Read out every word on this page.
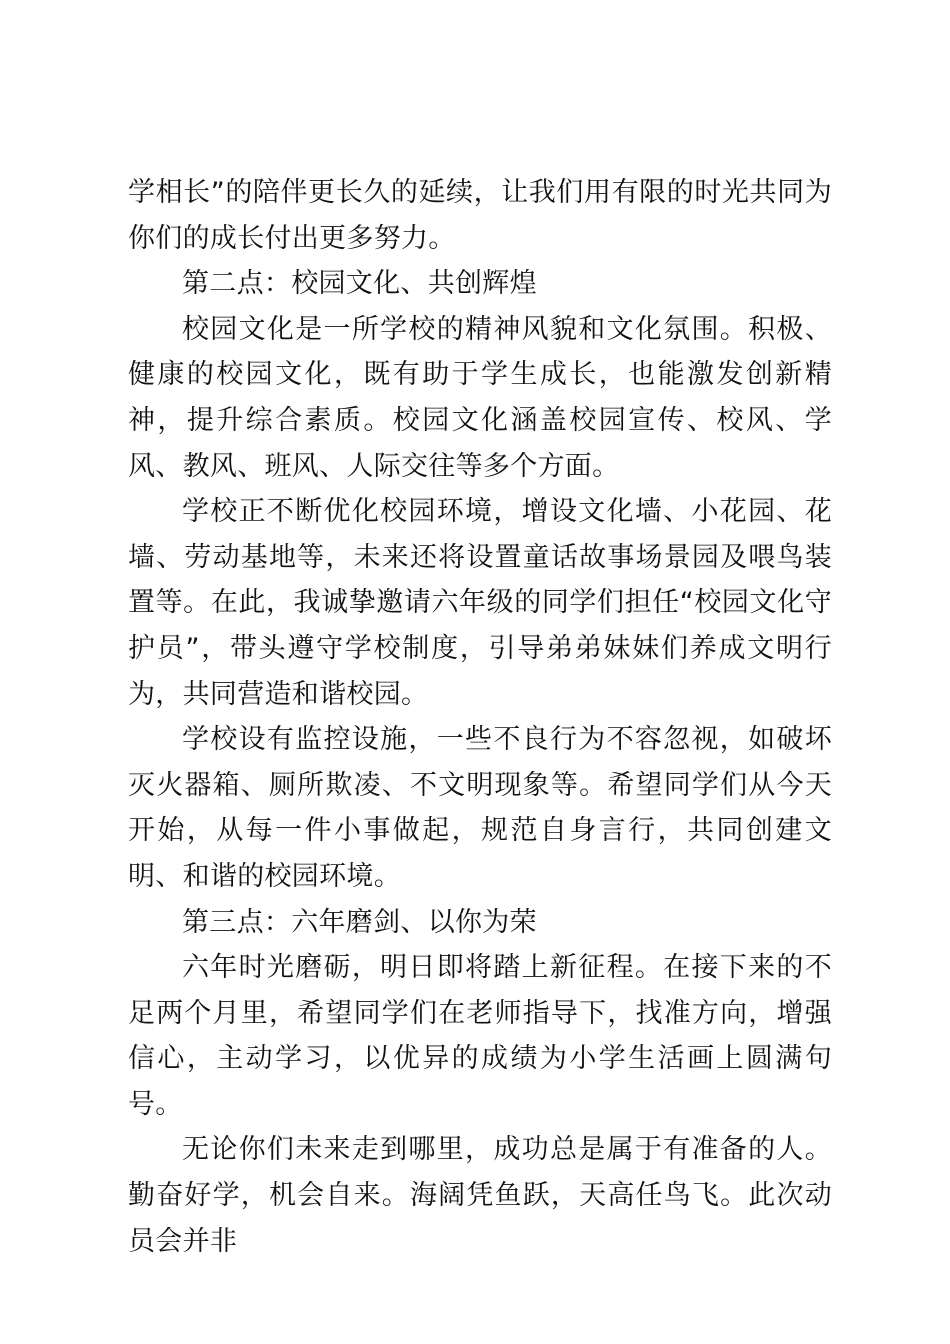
学相长”的陪伴更长久的延续，让我们用有限的时光共同为你们的成长付出更多努力。

第二点：校园文化、共创辉煌

校园文化是一所学校的精神风貌和文化氛围。积极、健康的校园文化，既有助于学生成长，也能激发创新精神，提升综合素质。校园文化涵盖校园宣传、校风、学风、教风、班风、人际交往等多个方面。

学校正不断优化校园环境，增设文化墙、小花园、花墙、劳动基地等，未来还将设置童话故事场景园及喂鸟装置等。在此，我诚挚邀请六年级的同学们担任“校园文化守护员”，带头遵守学校制度，引导弟弟妹妹们养成文明行为，共同营造和谐校园。

学校设有监控设施，一些不良行为不容忽视，如破坏灭火器箱、厕所欺凌、不文明现象等。希望同学们从今天开始，从每一件小事做起，规范自身言行，共同创建文明、和谐的校园环境。

第三点：六年磨剑、以你为荣

六年时光磨砺，明日即将踏上新征程。在接下来的不足两个月里，希望同学们在老师指导下，找准方向，增强信心，主动学习，以优异的成绩为小学生活画上圆满句号。

无论你们未来走到哪里，成功总是属于有准备的人。勤奋好学，机会自来。海阔凭鱼跃，天高任鸟飞。此次动员会并非
